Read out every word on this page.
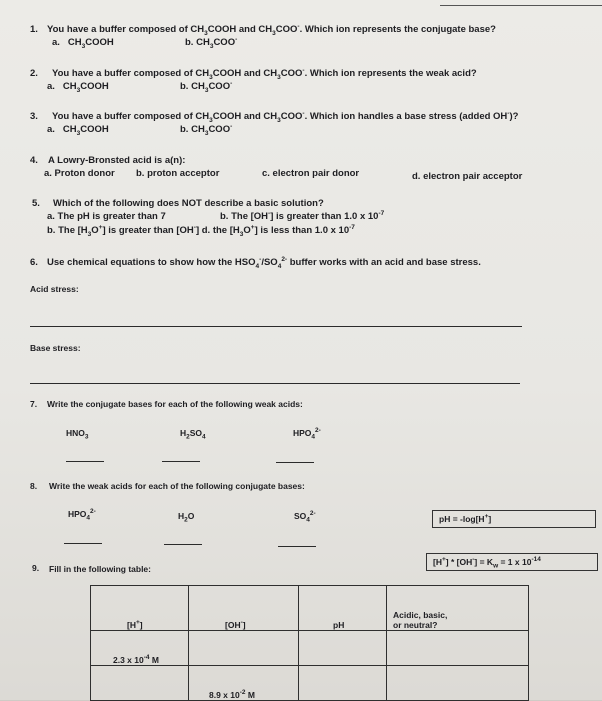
1. You have a buffer composed of $CH_3COOH$ and $CH_3COO^-$. Which ion represents the conjugate base?
a. $CH_3COOH$	b. $CH_3COO^-$
2. You have a buffer composed of $CH_3COOH$ and $CH_3COO^-$. Which ion represents the weak acid?
a. $CH_3COOH$	b. $CH_3COO^-$
3. You have a buffer composed of $CH_3COOH$ and $CH_3COO^-$. Which ion handles a base stress (added OH-)?
a. $CH_3COOH$	b. $CH_3COO^-$
4. A Lowry-Bronsted acid is a(n):
a. Proton donor b. proton acceptor	c. electron pair donor	d. electron pair acceptor
5. Which of the following does NOT describe a basic solution?
a. The pH is greater than 7	b. The [OH-] is greater than 1.0 x $10^{-7}$
b. The $[H_3O^+]$ is greater than [OH-] d. the $[H_3O^+]$ is less than 1.0 x $10^{-7}$
6. Use chemical equations to show how the $HSO_4^-/SO_4^{2-}$ buffer works with an acid and base stress.
Acid stress:
Base stress:
7. Write the conjugate bases for each of the following weak acids:
$HNO_3$	$H_2SO_4$	$HPO_4^{2-}$
8. Write the weak acids for each of the following conjugate bases:
$HPO_4^{2-}$	$H_2O$	$SO_4^{2-}$
pH = -log[H+]
$[H^+] * [OH^-] = K_w = 1$ x $10^{-14}$
9. Fill in the following table:
[H+]	[OH-]	pH	Acidic, basic,
or neutral?

2.3 x $10^{-4}$ M			
	8.9 x $10^{-2}$ M		
